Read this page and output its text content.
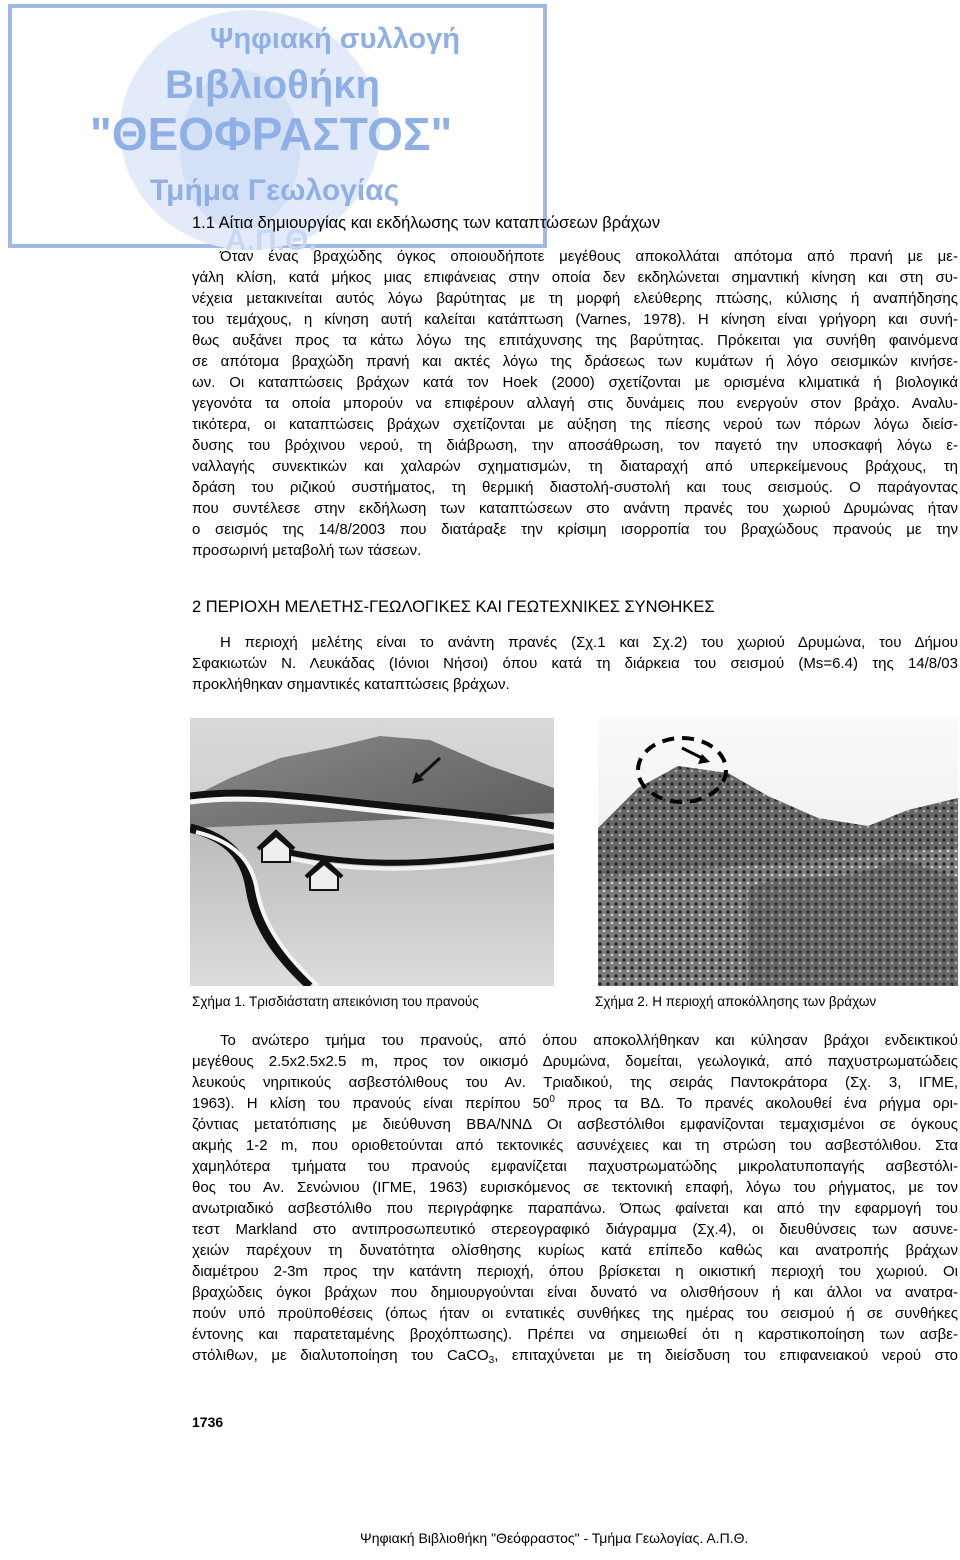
Ψηφιακή συλλογή
Βιβλιοθήκη
"ΘΕΟΦΡΑΣΤΟΣ"
Τμήμα Γεωλογίας
Α.Π.Θ.
1.1 Αίτια δημιουργίας και εκδήλωσης των καταπτώσεων βράχων
Όταν ένας βραχώδης όγκος οποιουδήποτε μεγέθους αποκολλάται απότομα από πρανή με με-
γάλη κλίση, κατά μήκος μιας επιφάνειας στην οποία δεν εκδηλώνεται σημαντική κίνηση και στη συ-
νέχεια μετακινείται αυτός λόγω βαρύτητας με τη μορφή ελεύθερης πτώσης, κύλισης ή αναπήδησης
του τεμάχους, η κίνηση αυτή καλείται κατάπτωση (Varnes, 1978). Η κίνηση είναι γρήγορη και συνή-
θως αυξάνει προς τα κάτω λόγω της επιτάχυνσης της βαρύτητας. Πρόκειται για συνήθη φαινόμενα
σε απότομα βραχώδη πρανή και ακτές λόγω της δράσεως των κυμάτων ή λόγο σεισμικών κινήσε-
ων. Οι καταπτώσεις βράχων κατά τον Hoek (2000) σχετίζονται με ορισμένα κλιματικά ή βιολογικά
γεγονότα τα οποία μπορούν να επιφέρουν αλλαγή στις δυνάμεις που ενεργούν στον βράχο. Αναλυ-
τικότερα, οι καταπτώσεις βράχων σχετίζονται με αύξηση της πίεσης νερού των πόρων λόγω διείσ-
δυσης του βρόχινου νερού, τη διάβρωση, την αποσάθρωση, τον παγετό την υποσκαφή λόγω ε-
ναλλαγής συνεκτικών και χαλαρών σχηματισμών, τη διαταραχή από υπερκείμενους βράχους, τη
δράση του ριζικού συστήματος, τη θερμική διαστολή-συστολή και τους σεισμούς. Ο παράγοντας
που συντέλεσε στην εκδήλωση των καταπτώσεων στο ανάντη πρανές του χωριού Δρυμώνας ήταν
ο σεισμός της 14/8/2003 που διατάραξε την κρίσιμη ισορροπία του βραχώδους πρανούς με την
προσωρινή μεταβολή των τάσεων.
2 ΠΕΡΙΟΧΗ ΜΕΛΕΤΗΣ-ΓΕΩΛΟΓΙΚΕΣ ΚΑΙ ΓΕΩΤΕΧΝΙΚΕΣ ΣΥΝΘΗΚΕΣ
Η περιοχή μελέτης είναι το ανάντη πρανές (Σχ.1 και Σχ.2) του χωριού Δρυμώνα, του Δήμου
Σφακιωτών Ν. Λευκάδας (Ιόνιοι Νήσοι) όπου κατά τη διάρκεια του σεισμού (Ms=6.4) της 14/8/03
προκλήθηκαν σημαντικές καταπτώσεις βράχων.
Σχήμα 1. Τρισδιάστατη απεικόνιση του πρανούς	Σχήμα 2. Η περιοχή αποκόλλησης των βράχων
Το ανώτερο τμήμα του πρανούς, από όπου αποκολλήθηκαν και κύλησαν βράχοι ενδεικτικού
μεγέθους 2.5x2.5x2.5 m, προς τον οικισμό Δρυμώνα, δομείται, γεωλογικά, από παχυστρωματώδεις
λευκούς νηριτικούς ασβεστόλιθους του Αν. Τριαδικού, της σειράς Παντοκράτορα (Σχ. 3, ΙΓΜΕ,
1963). Η κλίση του πρανούς είναι περίπου $50^0$ προς τα ΒΔ. Το πρανές ακολουθεί ένα ρήγμα ορι-
ζόντιας μετατόπισης με διεύθυνση ΒΒΑ/ΝΝΔ Οι ασβεστόλιθοι εμφανίζονται τεμαχισμένοι σε όγκους
ακμής 1-2 m, που οριοθετούνται από τεκτονικές ασυνέχειες και τη στρώση του ασβεστόλιθου. Στα
χαμηλότερα τμήματα του πρανούς εμφανίζεται παχυστρωματώδης μικρολατυποπαγής ασβεστόλι-
θος του Αν. Σενώνιου (ΙΓΜΕ, 1963) ευρισκόμενος σε τεκτονική επαφή, λόγω του ρήγματος, με τον
ανωτριαδικό ασβεστόλιθο που περιγράφηκε παραπάνω. Όπως φαίνεται και από την εφαρμογή του
τεστ Markland στο αντιπροσωπευτικό στερεογραφικό διάγραμμα (Σχ.4), οι διευθύνσεις των ασυνε-
χειών παρέχουν τη δυνατότητα ολίσθησης κυρίως κατά επίπεδο καθώς και ανατροπής βράχων
διαμέτρου 2-3m προς την κατάντη περιοχή, όπου βρίσκεται η οικιστική περιοχή του χωριού. Οι
βραχώδεις όγκοι βράχων που δημιουργούνται είναι δυνατό να ολισθήσουν ή και άλλοι να ανατρα-
πούν υπό προϋποθέσεις (όπως ήταν οι εντατικές συνθήκες της ημέρας του σεισμού ή σε συνθήκες
έντονης και παρατεταμένης βροχόπτωσης). Πρέπει να σημειωθεί ότι η καρστικοποίηση των ασβε-
στόλιθων, με διαλυτοποίηση του CaCO$_3$, επιταχύνεται με τη διείσδυση του επιφανειακού νερού στο
1736
Ψηφιακή Βιβλιοθήκη "Θεόφραστος" - Τμήμα Γεωλογίας. Α.Π.Θ.
